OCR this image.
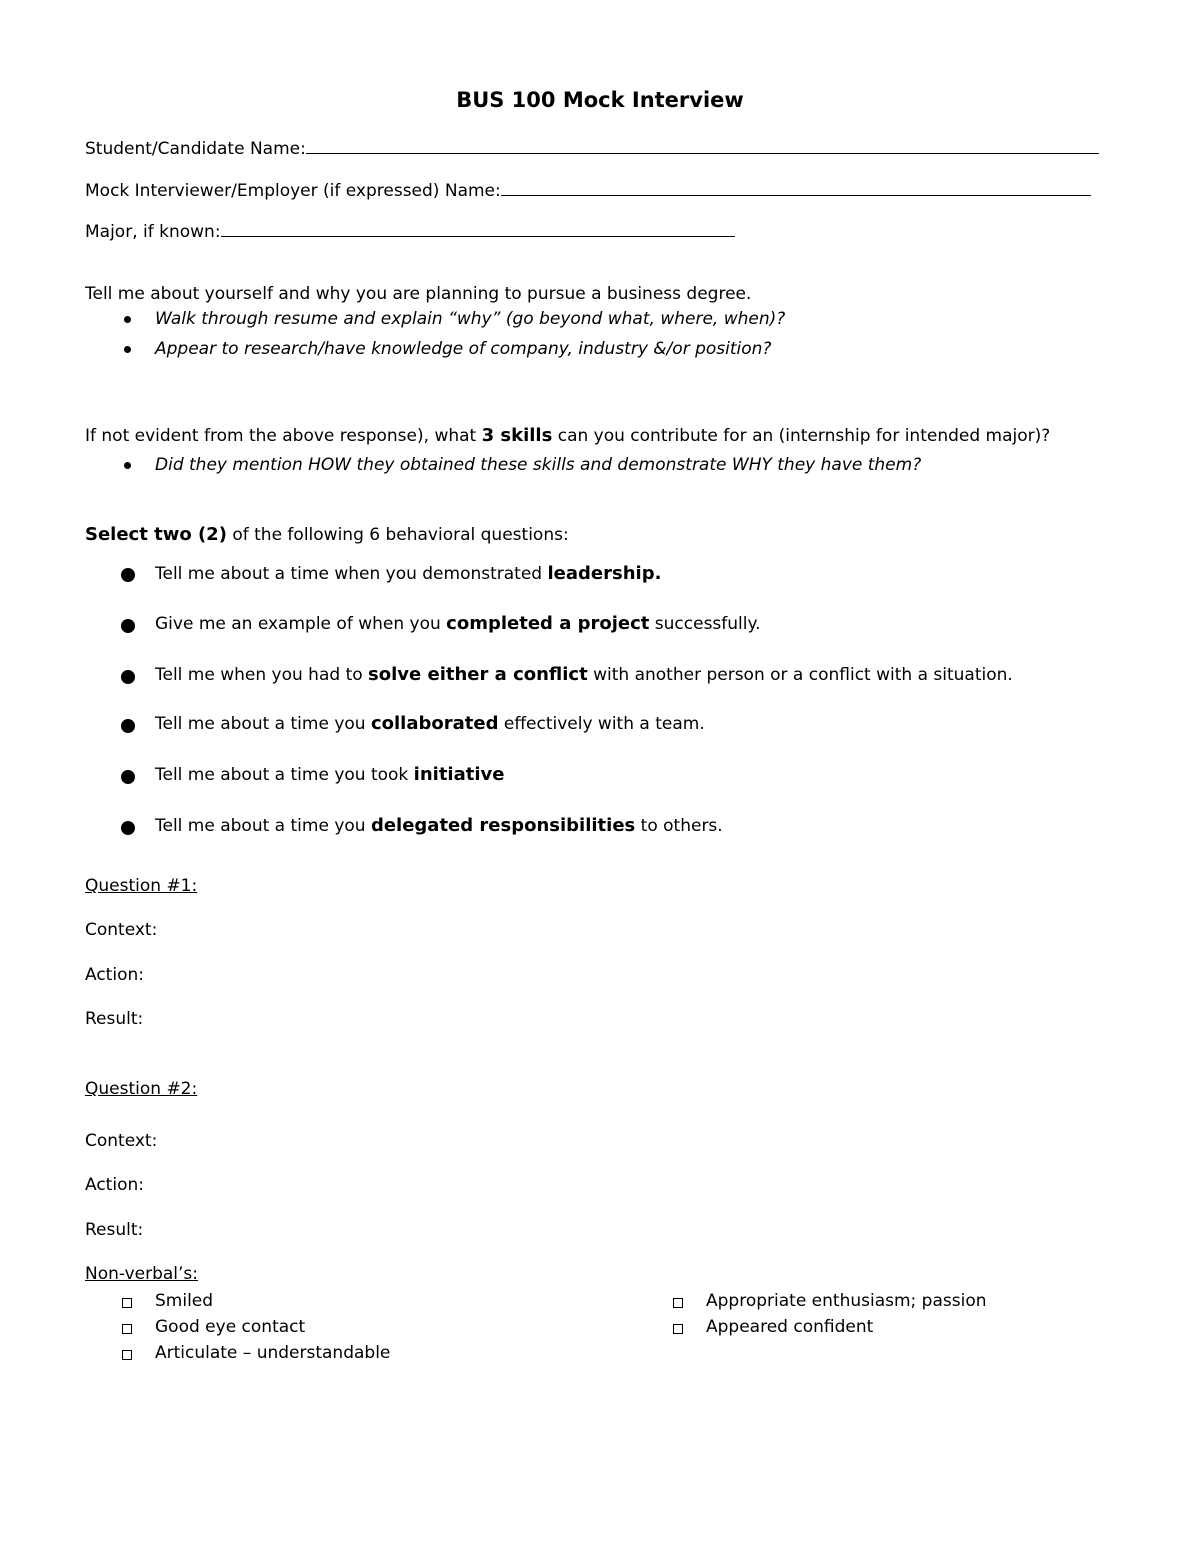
BUS 100 Mock Interview
Student/Candidate Name:
Mock Interviewer/Employer (if expressed) Name:
Major, if known:
Tell me about yourself and why you are planning to pursue a business degree.
Walk through resume and explain “why” (go beyond what, where, when)?
Appear to research/have knowledge of company, industry &/or position?
If not evident from the above response), what 3 skills can you contribute for an (internship for intended major)?
Did they mention HOW they obtained these skills and demonstrate WHY they have them?
Select two (2) of the following 6 behavioral questions:
Tell me about a time when you demonstrated leadership.
Give me an example of when you completed a project successfully.
Tell me when you had to solve either a conflict with another person or a conflict with a situation.
Tell me about a time you collaborated effectively with a team.
Tell me about a time you took initiative
Tell me about a time you delegated responsibilities to others.
Question #1:
Context:
Action:
Result:
Question #2:
Context:
Action:
Result:
Non-verbal’s:
Smiled
Good eye contact
Articulate – understandable
Appropriate enthusiasm; passion
Appeared confident
